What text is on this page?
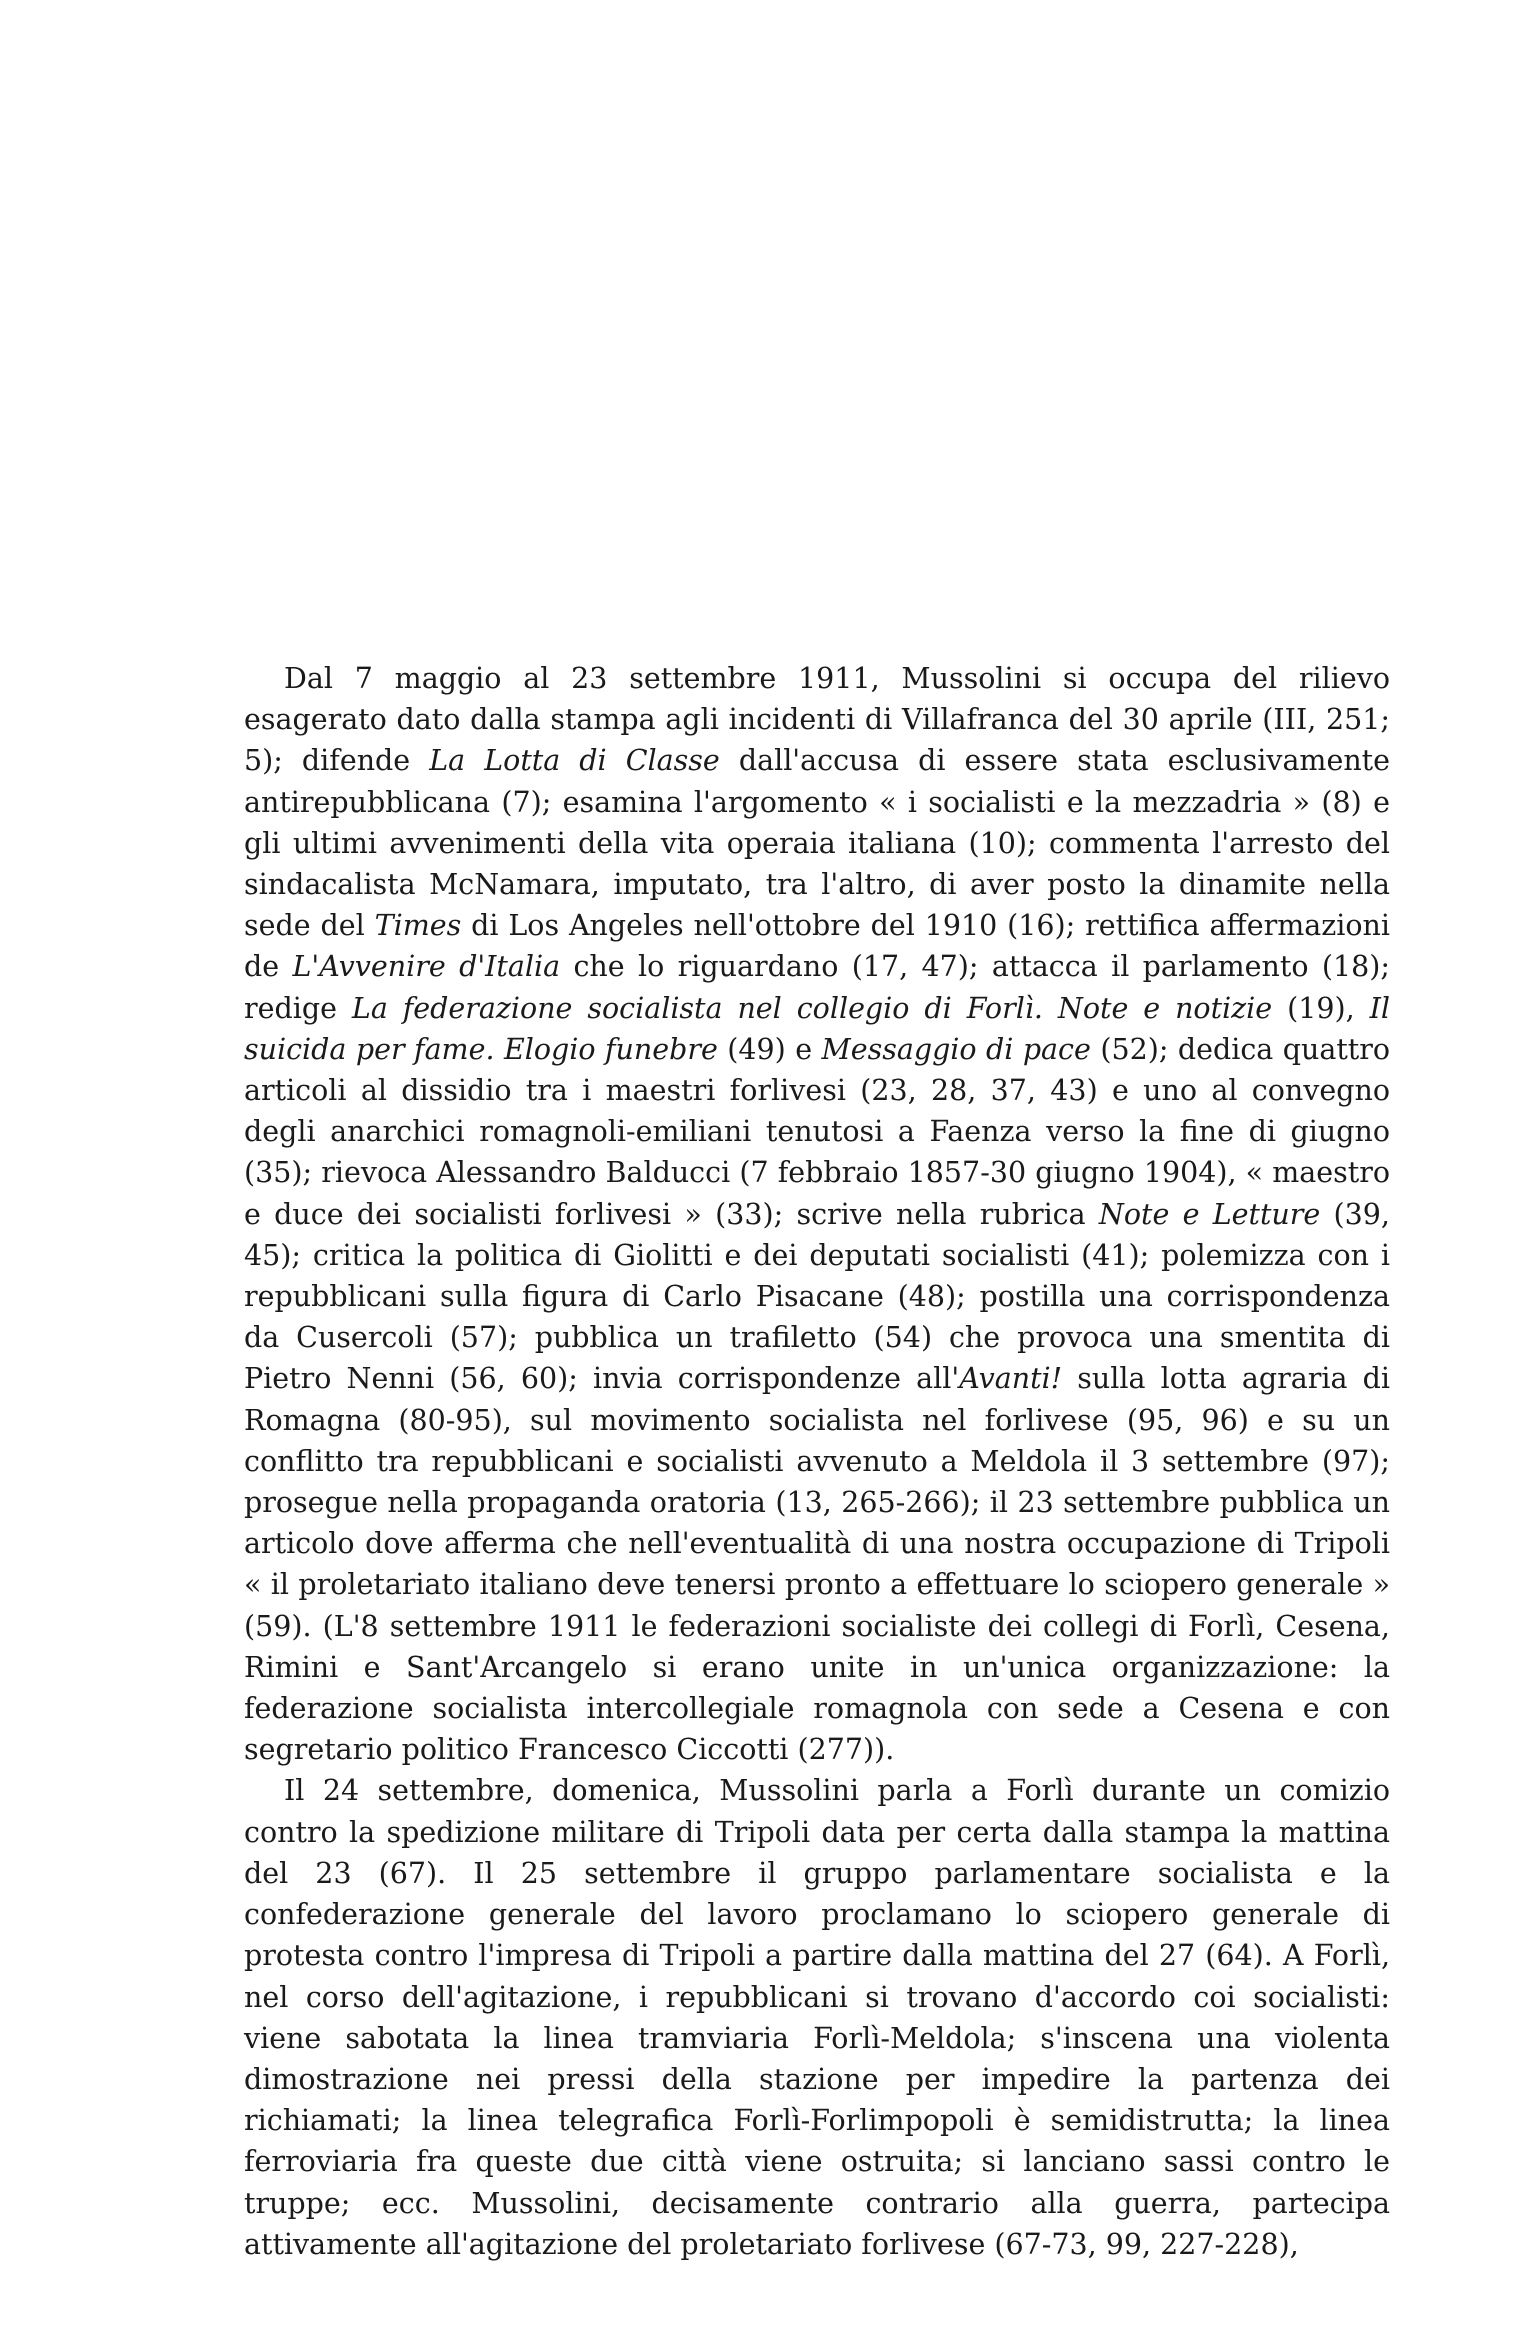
Dal 7 maggio al 23 settembre 1911, Mussolini si occupa del rilievo esagerato dato dalla stampa agli incidenti di Villafranca del 30 aprile (III, 251; 5); difende La Lotta di Classe dall'accusa di essere stata esclusivamente antirepubblicana (7); esamina l'argomento « i socialisti e la mezzadria » (8) e gli ultimi avvenimenti della vita operaia italiana (10); commenta l'arresto del sindacalista McNamara, imputato, tra l'altro, di aver posto la dinamite nella sede del Times di Los Angeles nell'ottobre del 1910 (16); rettifica affermazioni de L'Avvenire d'Italia che lo riguardano (17, 47); attacca il parlamento (18); redige La federazione socialista nel collegio di Forlì. Note e notizie (19), Il suicida per fame. Elogio funebre (49) e Messaggio di pace (52); dedica quattro articoli al dissidio tra i maestri forlivesi (23, 28, 37, 43) e uno al convegno degli anarchici romagnoli-emiliani tenutosi a Faenza verso la fine di giugno (35); rievoca Alessandro Balducci (7 febbraio 1857-30 giugno 1904), « maestro e duce dei socialisti forlivesi » (33); scrive nella rubrica Note e Letture (39, 45); critica la politica di Giolitti e dei deputati socialisti (41); polemizza con i repubblicani sulla figura di Carlo Pisacane (48); postilla una corrispondenza da Cusercoli (57); pubblica un trafiletto (54) che provoca una smentita di Pietro Nenni (56, 60); invia corrispondenze all'Avanti! sulla lotta agraria di Romagna (80-95), sul movimento socialista nel forlivese (95, 96) e su un conflitto tra repubblicani e socialisti avvenuto a Meldola il 3 settembre (97); prosegue nella propaganda oratoria (13, 265-266); il 23 settembre pubblica un articolo dove afferma che nell'eventualità di una nostra occupazione di Tripoli « il proletariato italiano deve tenersi pronto a effettuare lo sciopero generale » (59). (L'8 settembre 1911 le federazioni socialiste dei collegi di Forlì, Cesena, Rimini e Sant'Arcangelo si erano unite in un'unica organizzazione: la federazione socialista intercollegiale romagnola con sede a Cesena e con segretario politico Francesco Ciccotti (277)).

Il 24 settembre, domenica, Mussolini parla a Forlì durante un comizio contro la spedizione militare di Tripoli data per certa dalla stampa la mattina del 23 (67). Il 25 settembre il gruppo parlamentare socialista e la confederazione generale del lavoro proclamano lo sciopero generale di protesta contro l'impresa di Tripoli a partire dalla mattina del 27 (64). A Forlì, nel corso dell'agitazione, i repubblicani si trovano d'accordo coi socialisti: viene sabotata la linea tramviaria Forlì-Meldola; s'inscena una violenta dimostrazione nei pressi della stazione per impedire la partenza dei richiamati; la linea telegrafica Forlì-Forlimpopoli è semidistrutta; la linea ferroviaria fra queste due città viene ostruita; si lanciano sassi contro le truppe; ecc. Mussolini, decisamente contrario alla guerra, partecipa attivamente all'agitazione del proletariato forlivese (67-73, 99, 227-228),
